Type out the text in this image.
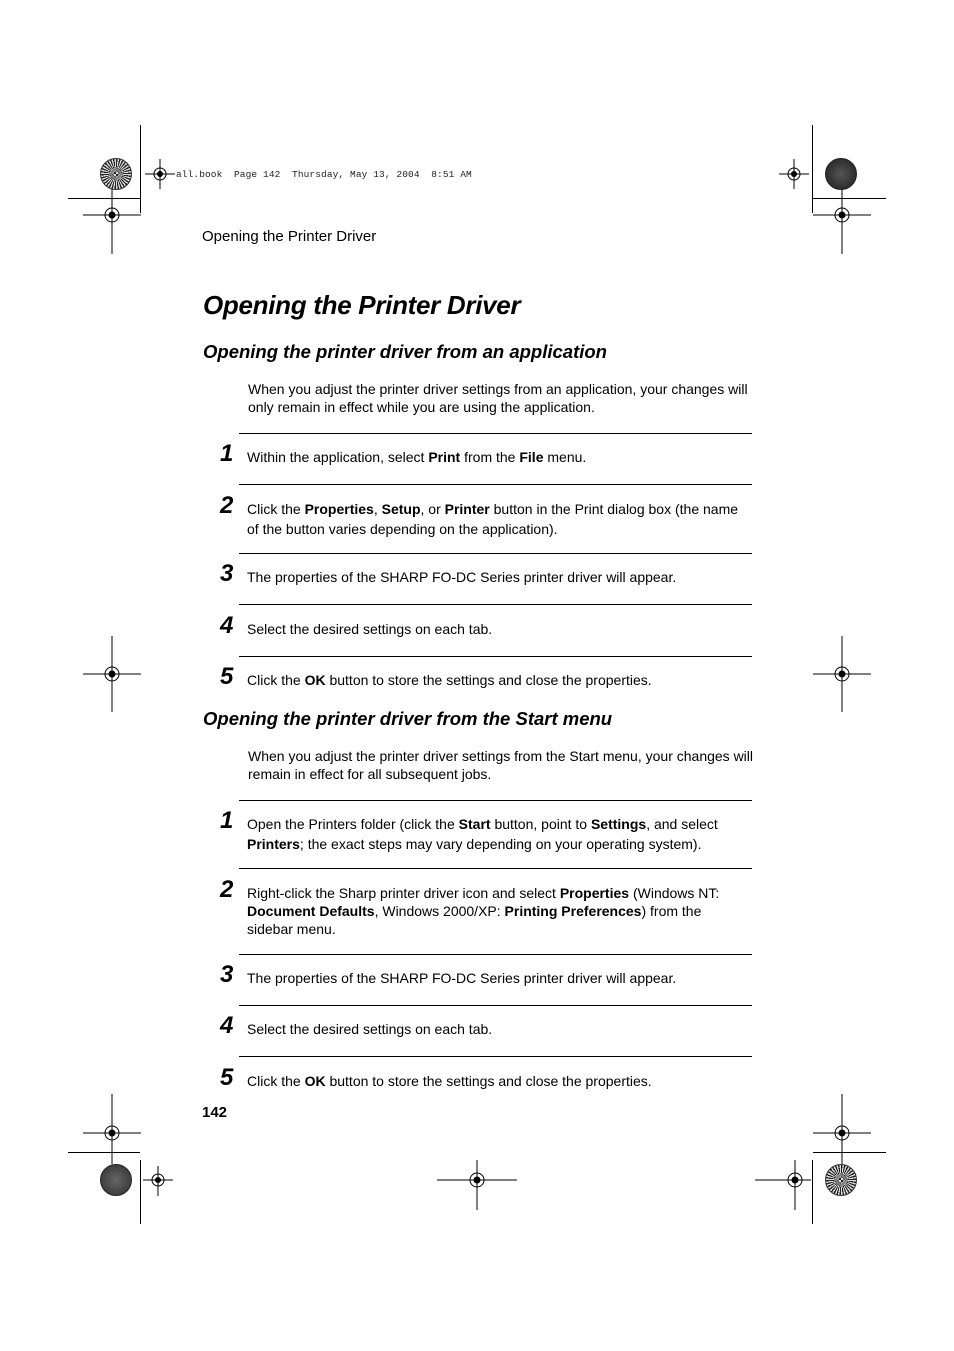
all.book  Page 142  Thursday, May 13, 2004  8:51 AM
Opening the Printer Driver
Opening the Printer Driver
Opening the printer driver from an application

When you adjust the printer driver settings from an application, your changes will only remain in effect while you are using the application.

1 Within the application, select Print from the File menu.

2 Click the Properties, Setup, or Printer button in the Print dialog box (the name of the button varies depending on the application).

3 The properties of the SHARP FO-DC Series printer driver will appear.

4 Select the desired settings on each tab.

5 Click the OK button to store the settings and close the properties.

Opening the printer driver from the Start menu

When you adjust the printer driver settings from the Start menu, your changes will remain in effect for all subsequent jobs.

1 Open the Printers folder (click the Start button, point to Settings, and select Printers; the exact steps may vary depending on your operating system).

2 Right-click the Sharp printer driver icon and select Properties (Windows NT: Document Defaults, Windows 2000/XP: Printing Preferences) from the sidebar menu.

3 The properties of the SHARP FO-DC Series printer driver will appear.

4 Select the desired settings on each tab.

5 Click the OK button to store the settings and close the properties.

142
